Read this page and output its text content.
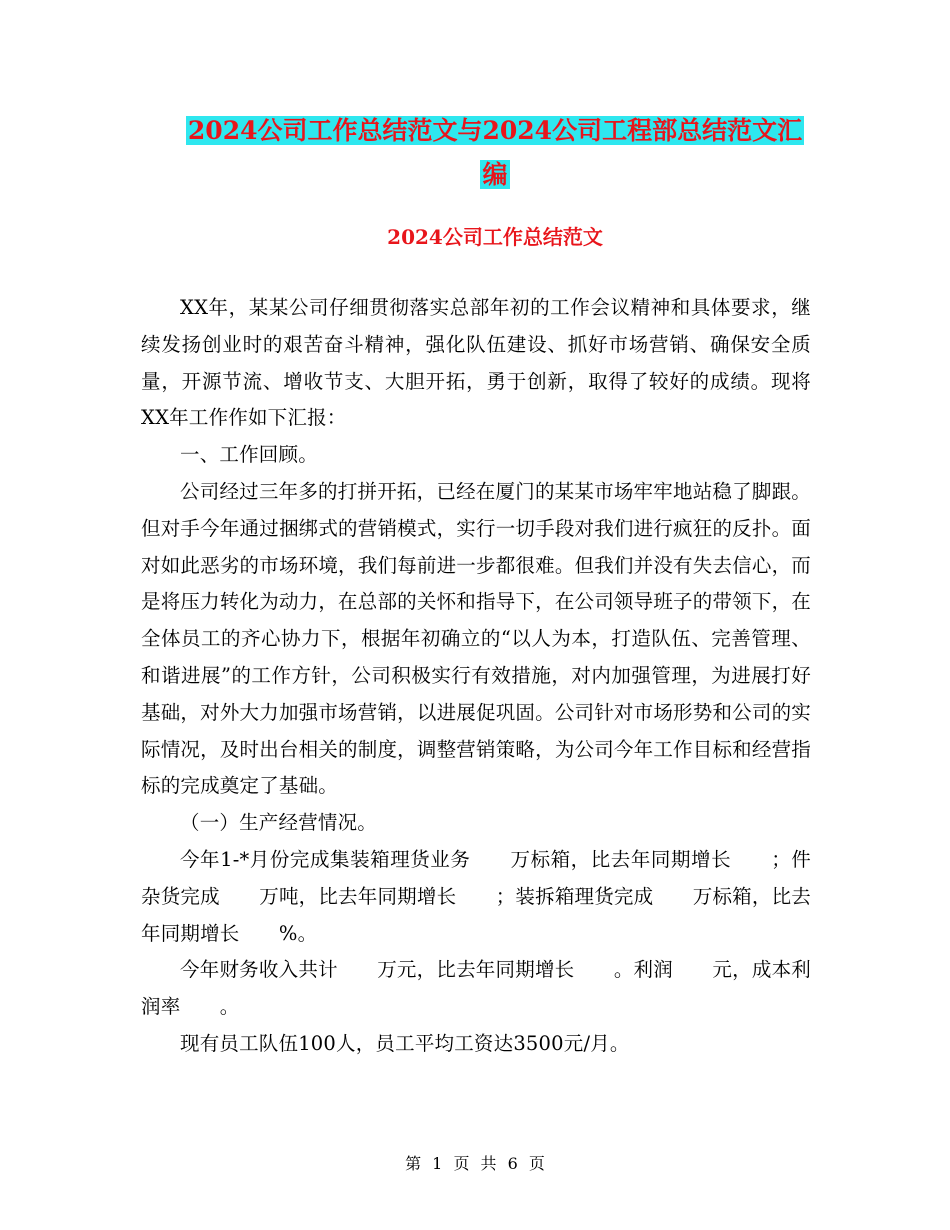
2024公司工作总结范文与2024公司工程部总结范文汇
编
2024公司工作总结范文

XX年，某某公司仔细贯彻落实总部年初的工作会议精神和具体要求，继续发扬创业时的艰苦奋斗精神，强化队伍建设、抓好市场营销、确保安全质量，开源节流、增收节支、大胆开拓，勇于创新，取得了较好的成绩。现将XX年工作作如下汇报：

一、工作回顾。

公司经过三年多的打拼开拓，已经在厦门的某某市场牢牢地站稳了脚跟。但对手今年通过捆绑式的营销模式，实行一切手段对我们进行疯狂的反扑。面对如此恶劣的市场环境，我们每前进一步都很难。但我们并没有失去信心，而是将压力转化为动力，在总部的关怀和指导下，在公司领导班子的带领下，在全体员工的齐心协力下，根据年初确立的“以人为本，打造队伍、完善管理、和谐进展”的工作方针，公司积极实行有效措施，对内加强管理，为进展打好基础，对外大力加强市场营销，以进展促巩固。公司针对市场形势和公司的实际情况，及时出台相关的制度，调整营销策略，为公司今年工作目标和经营指标的完成奠定了基础。

（一）生产经营情况。

今年1-*月份完成集装箱理货业务　　万标箱，比去年同期增长　　；件杂货完成　　万吨，比去年同期增长　　；装拆箱理货完成　　万标箱，比去年同期增长　　%。

今年财务收入共计　　万元，比去年同期增长　　。利润　　元，成本利润率　　。

现有员工队伍100人，员工平均工资达3500元/月。

第 1 页 共 6 页
